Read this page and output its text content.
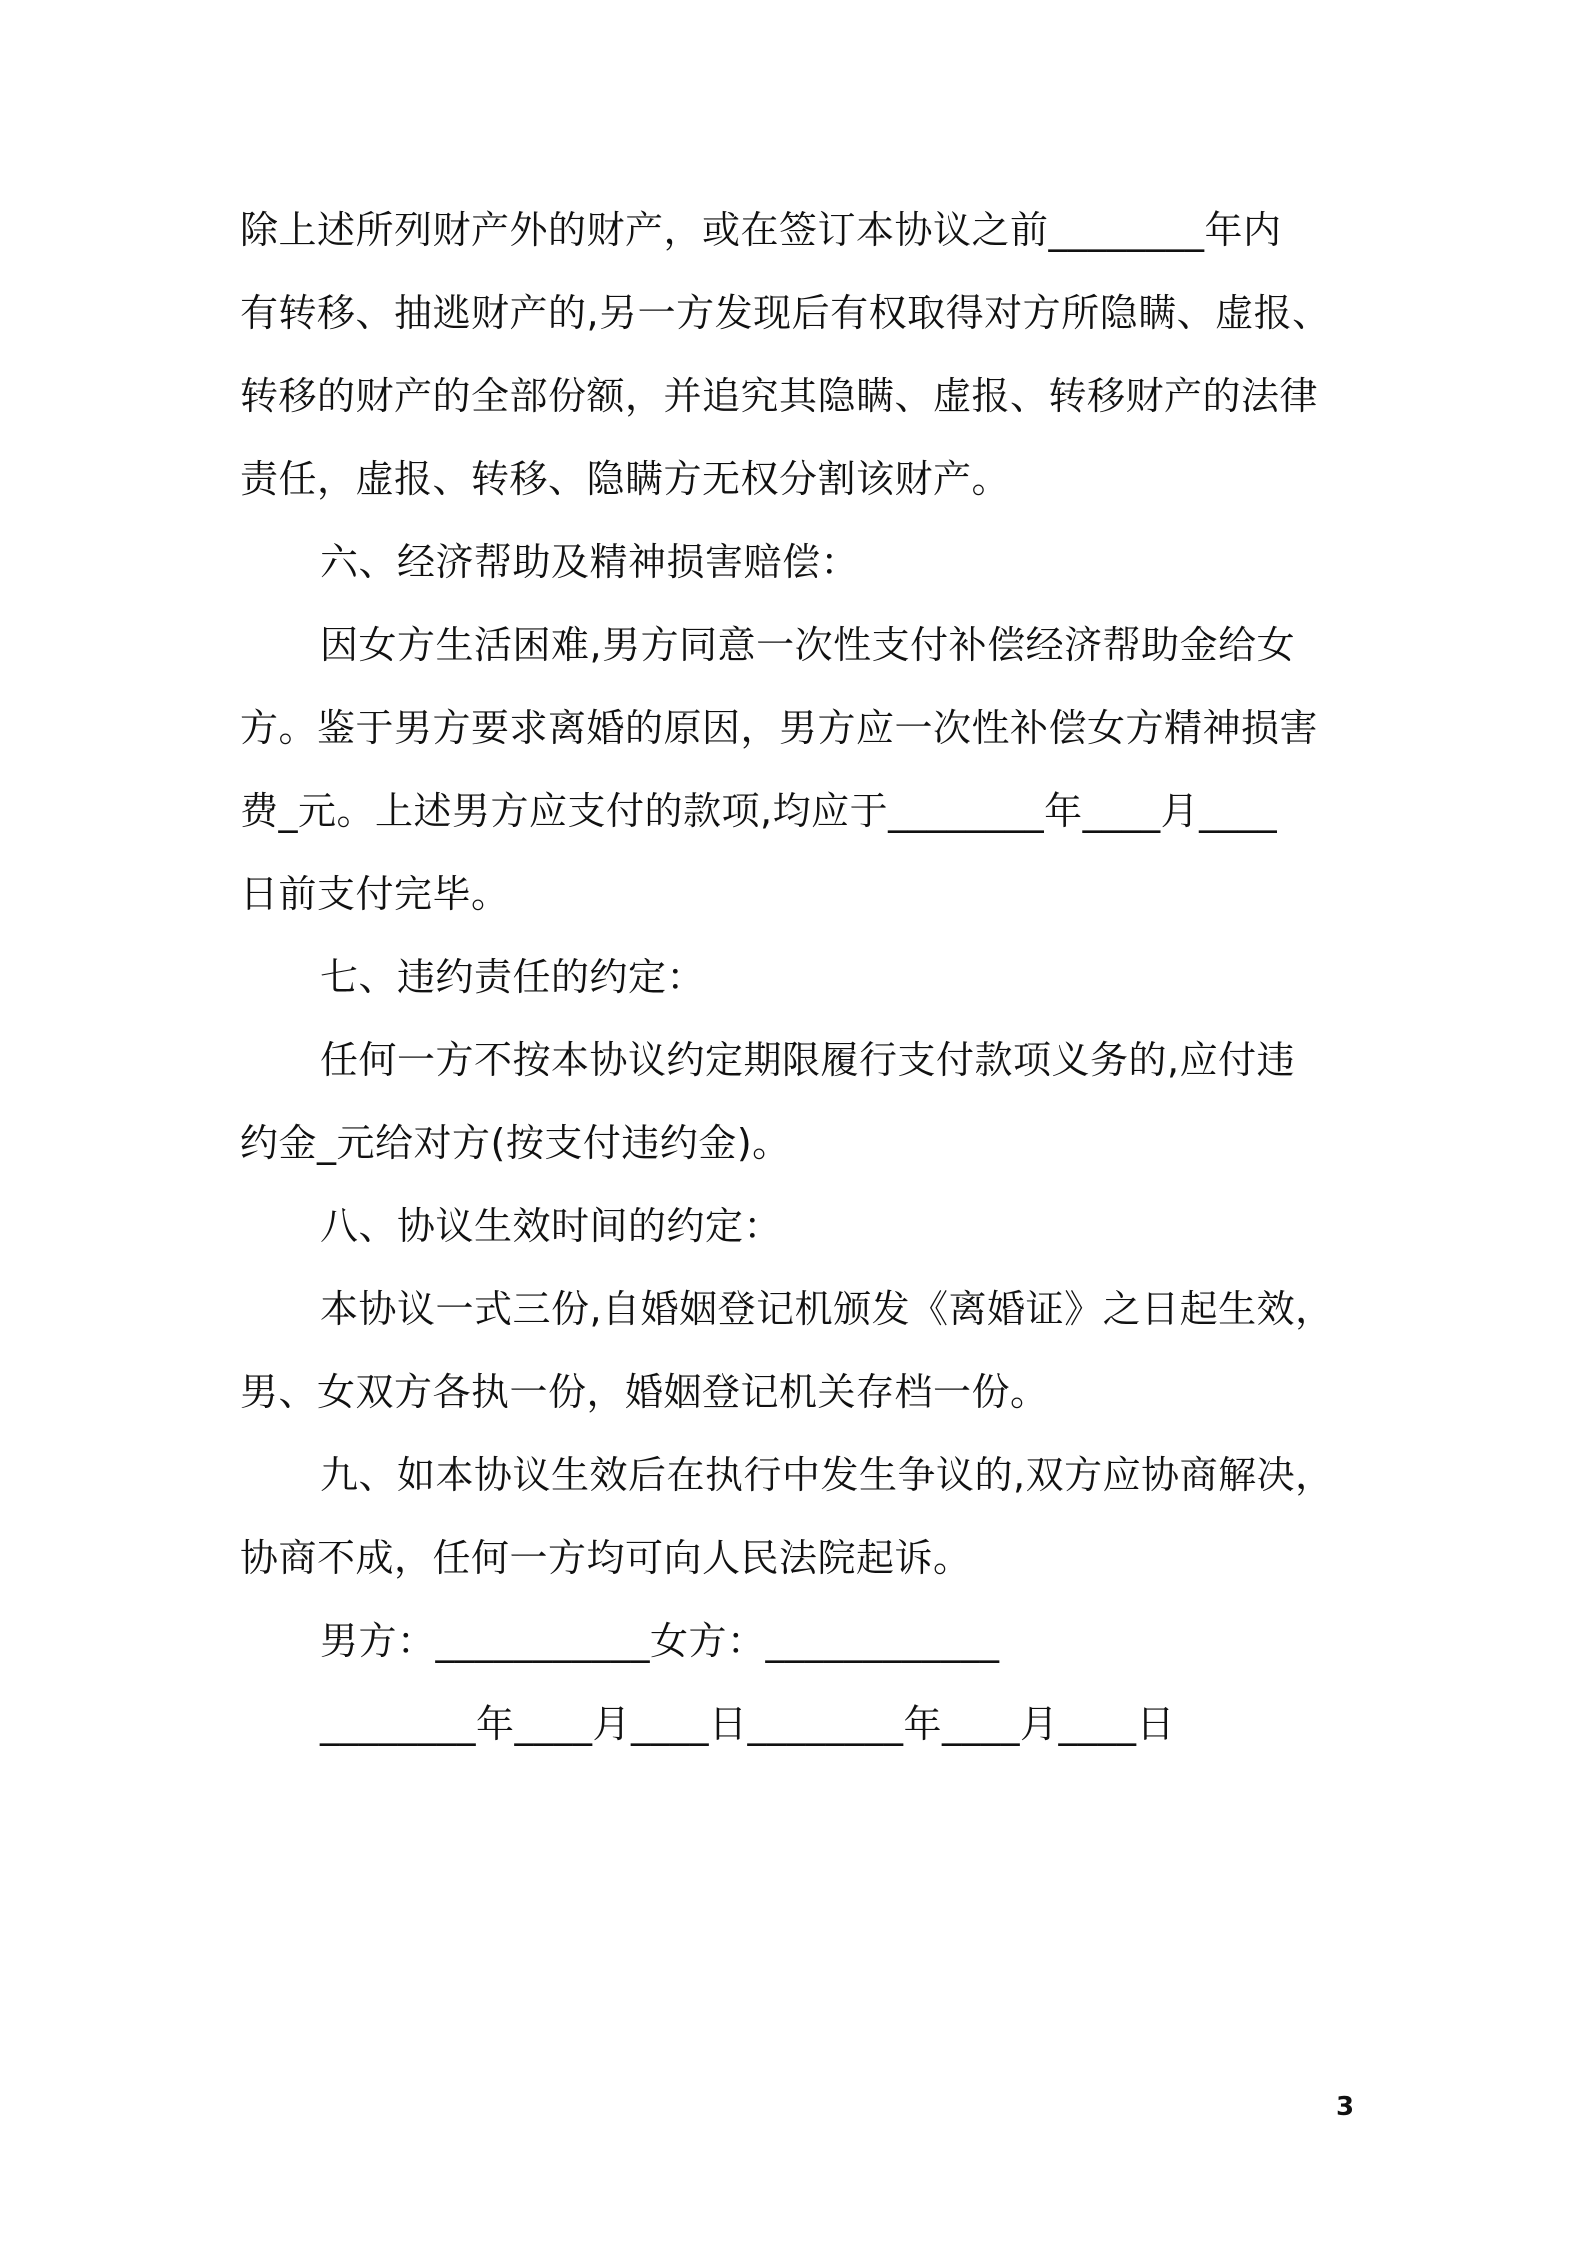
除上述所列财产外的财产，或在签订本协议之前________年内
有转移、抽逃财产的,另一方发现后有权取得对方所隐瞒、虚报、
转移的财产的全部份额，并追究其隐瞒、虚报、转移财产的法律
责任，虚报、转移、隐瞒方无权分割该财产。
六、经济帮助及精神损害赔偿：
因女方生活困难,男方同意一次性支付补偿经济帮助金给女
方。鉴于男方要求离婚的原因，男方应一次性补偿女方精神损害
费_元。上述男方应支付的款项,均应于________年____月____
日前支付完毕。
七、违约责任的约定：
任何一方不按本协议约定期限履行支付款项义务的,应付违
约金_元给对方(按支付违约金)。
八、协议生效时间的约定：
本协议一式三份,自婚姻登记机颁发《离婚证》之日起生效，
男、女双方各执一份，婚姻登记机关存档一份。
九、如本协议生效后在执行中发生争议的,双方应协商解决，
协商不成，任何一方均可向人民法院起诉。
男方：___________女方：____________
________年____月____日________年____月____日
3
